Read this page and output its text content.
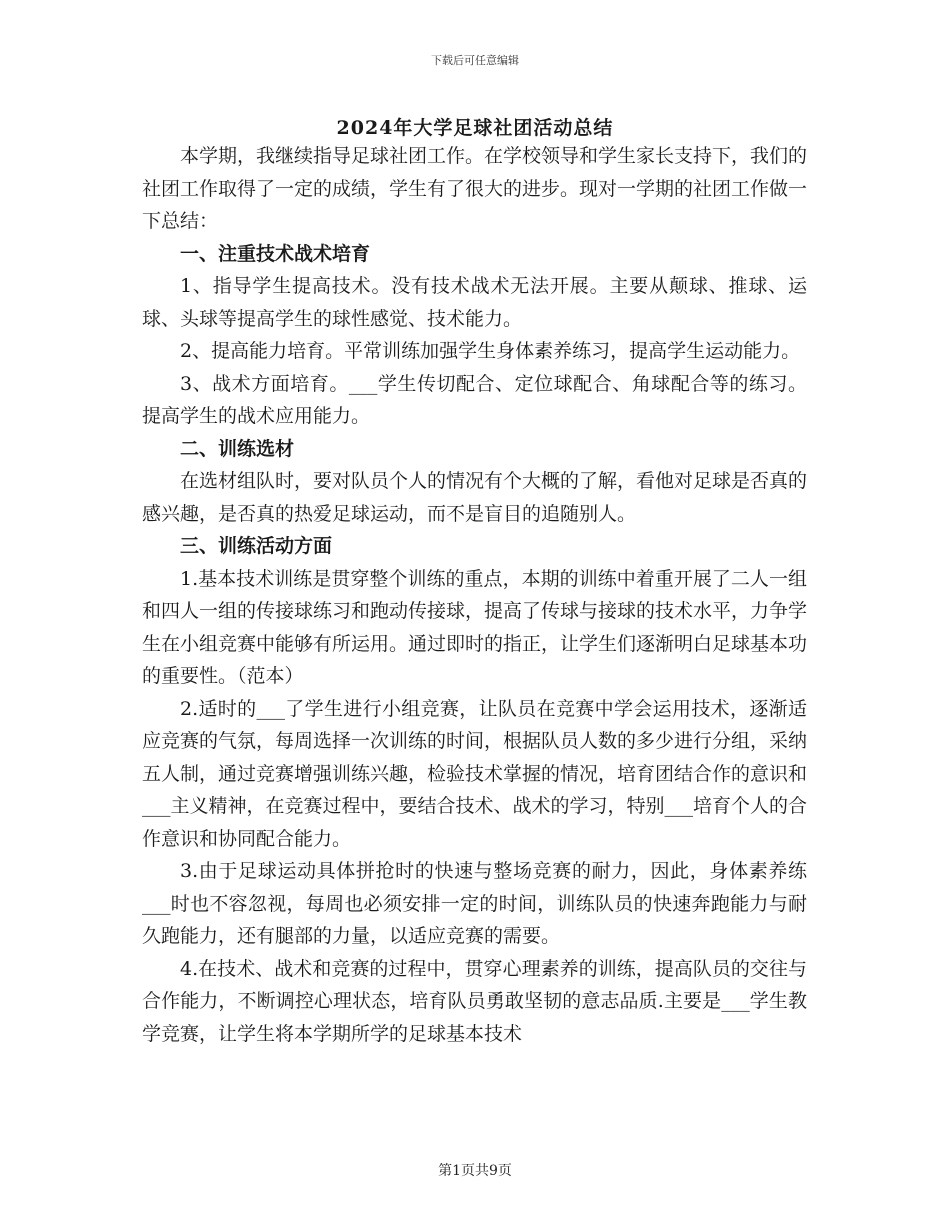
下载后可任意编辑
2024年大学足球社团活动总结

本学期，我继续指导足球社团工作。在学校领导和学生家长支持下，我们的社团工作取得了一定的成绩，学生有了很大的进步。现对一学期的社团工作做一下总结：

一、注重技术战术培育

1、指导学生提高技术。没有技术战术无法开展。主要从颠球、推球、运球、头球等提高学生的球性感觉、技术能力。

2、提高能力培育。平常训练加强学生身体素养练习，提高学生运动能力。

3、战术方面培育。___学生传切配合、定位球配合、角球配合等的练习。提高学生的战术应用能力。

二、训练选材

在选材组队时，要对队员个人的情况有个大概的了解，看他对足球是否真的感兴趣，是否真的热爱足球运动，而不是盲目的追随别人。

三、训练活动方面

1.基本技术训练是贯穿整个训练的重点，本期的训练中着重开展了二人一组和四人一组的传接球练习和跑动传接球，提高了传球与接球的技术水平，力争学生在小组竞赛中能够有所运用。通过即时的指正，让学生们逐渐明白足球基本功的重要性。（范本）

2.适时的___了学生进行小组竞赛，让队员在竞赛中学会运用技术，逐渐适应竞赛的气氛，每周选择一次训练的时间，根据队员人数的多少进行分组，采纳五人制，通过竞赛增强训练兴趣，检验技术掌握的情况，培育团结合作的意识和___主义精神，在竞赛过程中，要结合技术、战术的学习，特别___培育个人的合作意识和协同配合能力。

3.由于足球运动具体拼抢时的快速与整场竞赛的耐力，因此，身体素养练___时也不容忽视，每周也必须安排一定的时间，训练队员的快速奔跑能力与耐久跑能力，还有腿部的力量，以适应竞赛的需要。

4.在技术、战术和竞赛的过程中，贯穿心理素养的训练，提高队员的交往与合作能力，不断调控心理状态，培育队员勇敢坚韧的意志品质.主要是___学生教学竞赛，让学生将本学期所学的足球基本技术

第1页共9页
